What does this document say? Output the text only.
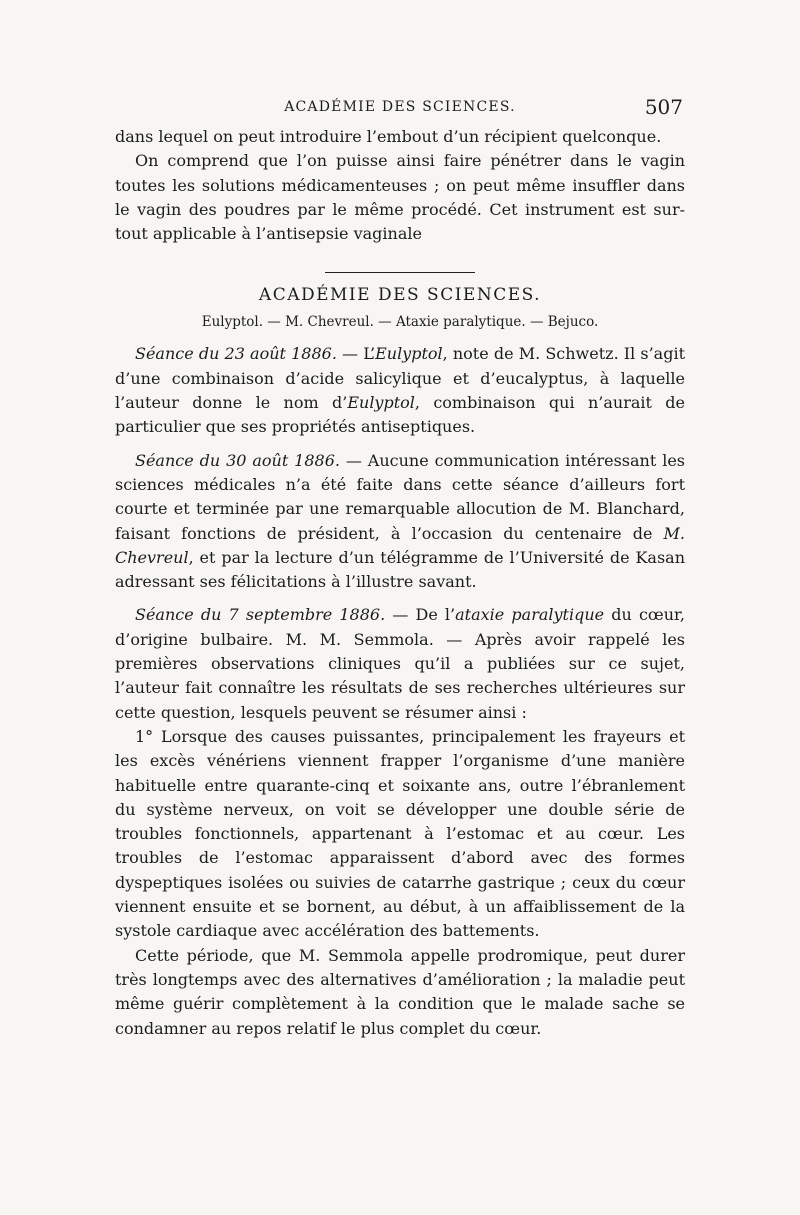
ACADÉMIE DES SCIENCES.	507

dans lequel on peut introduire l’embout d’un récipient quelconque.

On comprend que l’on puisse ainsi faire pénétrer dans le vagin toutes les solutions médicamenteuses ; on peut même insuffler dans le vagin des poudres par le même procédé. Cet instrument est sur- tout applicable à l’antisepsie vaginale

ACADÉMIE DES SCIENCES.
Eulyptol. — M. Chevreul. — Ataxie paralytique. — Bejuco.

Séance du 23 août 1886. — L’Eulyptol, note de M. Schwetz. Il s’agit d’une combinaison d’acide salicylique et d’eucalyptus, à laquelle l’auteur donne le nom d’Eulyptol, combinaison qui n’aurait de particulier que ses propriétés antiseptiques.

Séance du 30 août 1886. — Aucune communication intéressant les sciences médicales n’a été faite dans cette séance d’ailleurs fort courte et terminée par une remarquable allocution de M. Blanchard, faisant fonctions de président, à l’occasion du centenaire de M. Chevreul, et par la lecture d’un télégramme de l’Université de Kasan adressant ses félicitations à l’illustre savant.

Séance du 7 septembre 1886. — De l’ataxie paralytique du cœur, d’origine bulbaire. M. M. Semmola. — Après avoir rappelé les premières observations cliniques qu’il a publiées sur ce sujet, l’auteur fait connaître les résultats de ses recherches ultérieures sur cette question, lesquels peuvent se résumer ainsi :

1° Lorsque des causes puissantes, principalement les frayeurs et les excès vénériens viennent frapper l’organisme d’une manière habituelle entre quarante-cinq et soixante ans, outre l’ébranlement du système nerveux, on voit se développer une double série de troubles fonctionnels, appartenant à l’estomac et au cœur. Les troubles de l’estomac apparaissent d’abord avec des formes dyspeptiques isolées ou suivies de catarrhe gastrique ; ceux du cœur viennent ensuite et se bornent, au début, à un affaiblissement de la systole cardiaque avec accélération des battements.

Cette période, que M. Semmola appelle prodromique, peut durer très longtemps avec des alternatives d’amélioration ; la maladie peut même guérir complètement à la condition que le malade sache se condamner au repos relatif le plus complet du cœur.
